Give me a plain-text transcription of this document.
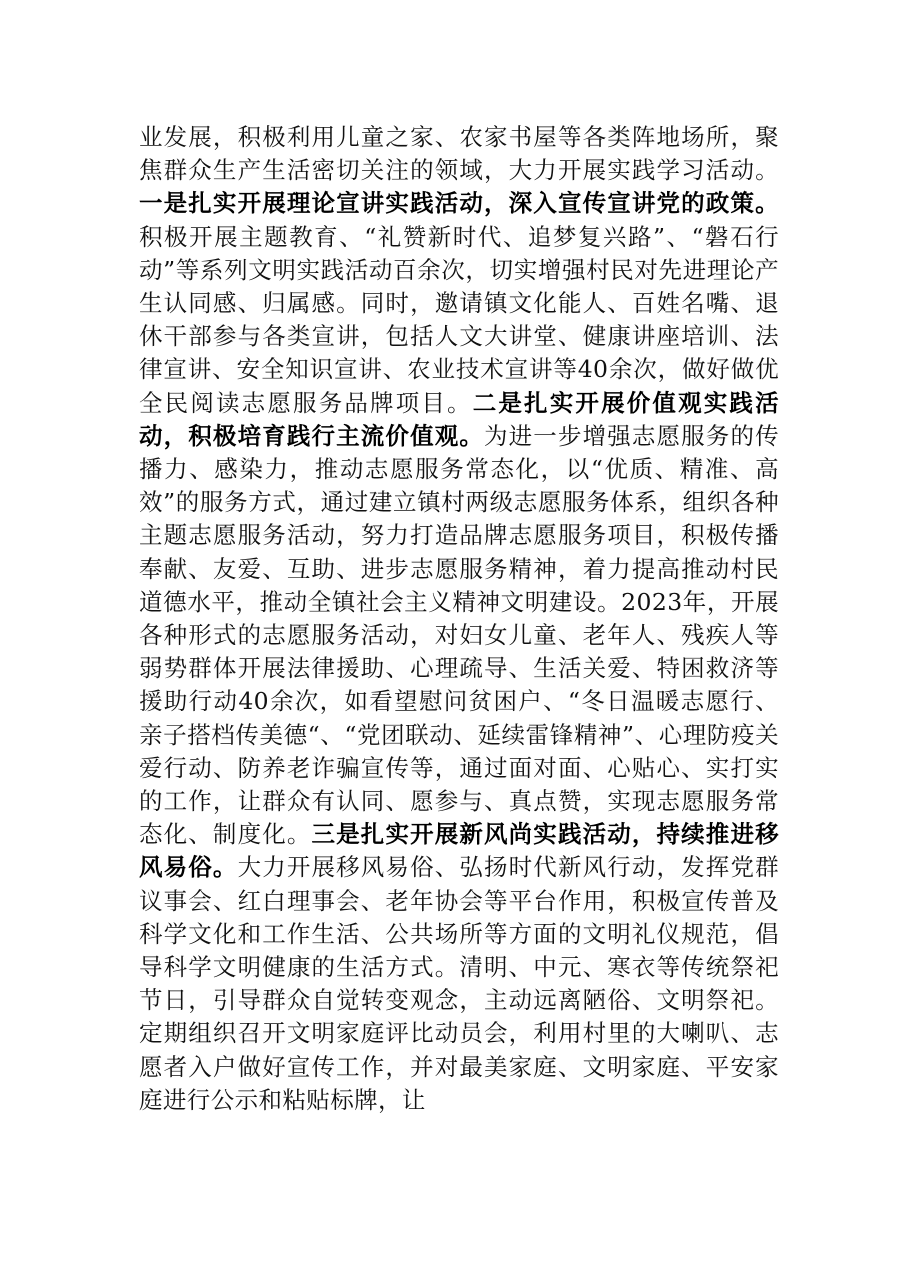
业发展，积极利用儿童之家、农家书屋等各类阵地场所，聚焦群众生产生活密切关注的领域，大力开展实践学习活动。一是扎实开展理论宣讲实践活动，深入宣传宣讲党的政策。积极开展主题教育、“礼赞新时代、追梦复兴路”、“磐石行动”等系列文明实践活动百余次，切实增强村民对先进理论产生认同感、归属感。同时，邀请镇文化能人、百姓名嘴、退休干部参与各类宣讲，包括人文大讲堂、健康讲座培训、法律宣讲、安全知识宣讲、农业技术宣讲等40余次，做好做优全民阅读志愿服务品牌项目。二是扎实开展价值观实践活动，积极培育践行主流价值观。为进一步增强志愿服务的传播力、感染力，推动志愿服务常态化，以“优质、精准、高效”的服务方式，通过建立镇村两级志愿服务体系，组织各种主题志愿服务活动，努力打造品牌志愿服务项目，积极传播奉献、友爱、互助、进步志愿服务精神，着力提高推动村民道德水平，推动全镇社会主义精神文明建设。2023年，开展各种形式的志愿服务活动，对妇女儿童、老年人、残疾人等弱势群体开展法律援助、心理疏导、生活关爱、特困救济等援助行动40余次，如看望慰问贫困户、“冬日温暖志愿行、亲子搭档传美德“、“党团联动、延续雷锋精神”、心理防疫关爱行动、防养老诈骗宣传等，通过面对面、心贴心、实打实的工作，让群众有认同、愿参与、真点赞，实现志愿服务常态化、制度化。三是扎实开展新风尚实践活动，持续推进移风易俗。大力开展移风易俗、弘扬时代新风行动，发挥党群议事会、红白理事会、老年协会等平台作用，积极宣传普及科学文化和工作生活、公共场所等方面的文明礼仪规范，倡导科学文明健康的生活方式。清明、中元、寒衣等传统祭祀节日，引导群众自觉转变观念，主动远离陋俗、文明祭祀。定期组织召开文明家庭评比动员会，利用村里的大喇叭、志愿者入户做好宣传工作，并对最美家庭、文明家庭、平安家庭进行公示和粘贴标牌，让
